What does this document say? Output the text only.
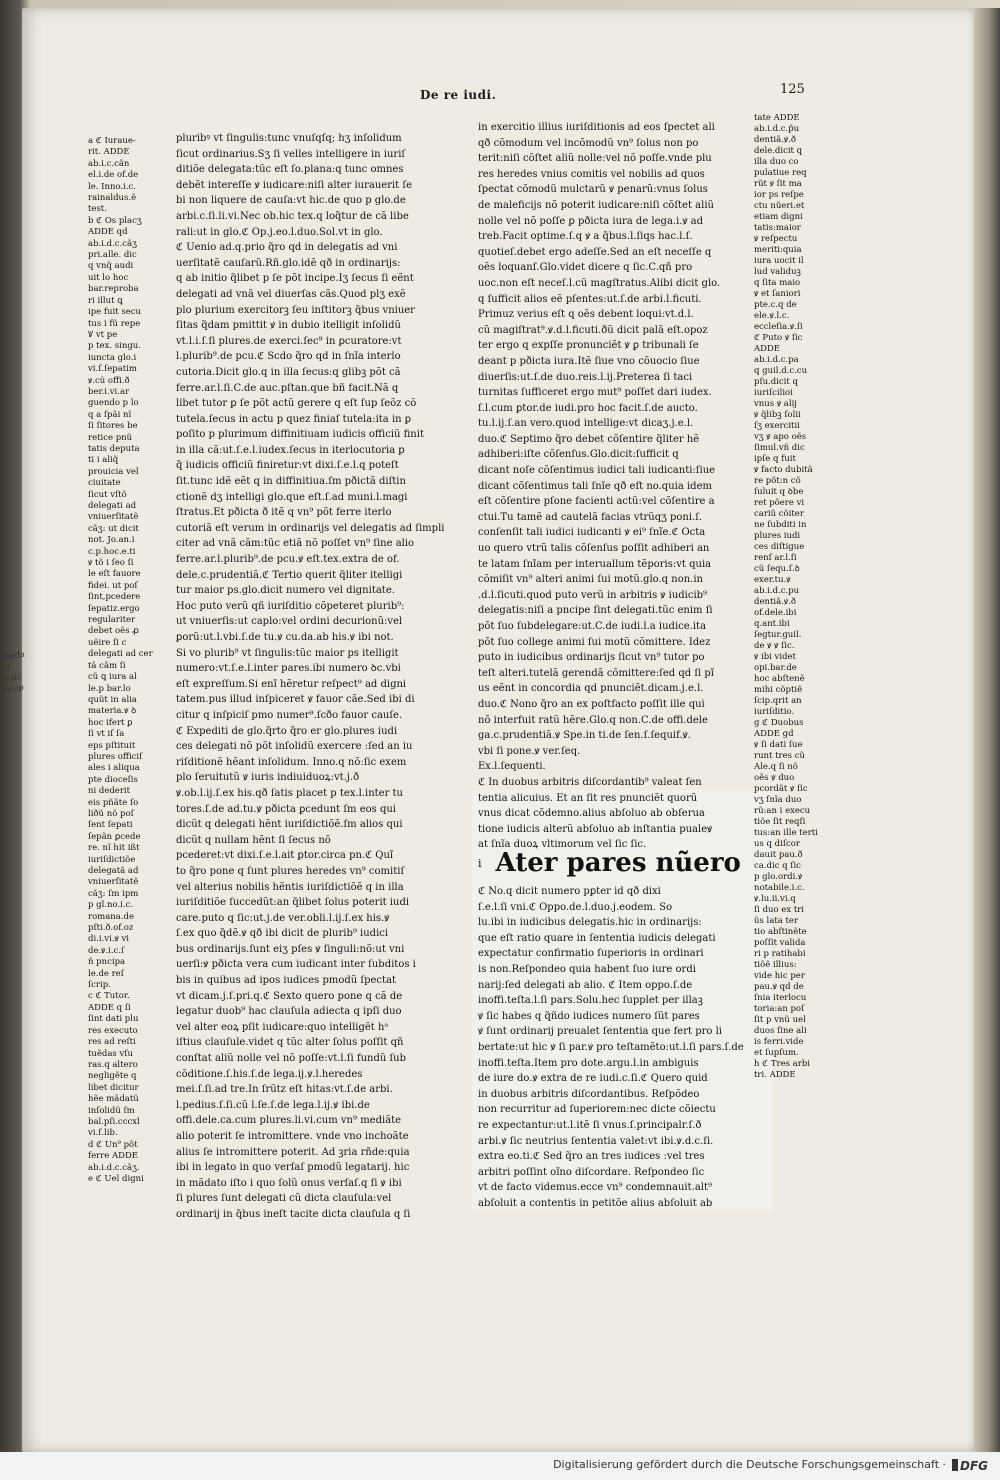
ꝑbeda
ſci
er ſic
accep
De re iudi.	125

a ℭ Iuraue-

rit. ADDE

ab.i.c.cãn

el.i.de of.de

le. Inno.i.c.

rainaldus.ẽ

test.

b ℭ Os placʒ

ADDE qd

ab.i.d.c.cãʒ

pri.alle. dic

q vnq̃ audi

uit lo hoc

bar.reproba

ri illut ꝗ

ipe fuit secu

tus i fũ repe

Ꝟ vt pe

p tex. singu.

iuncta glo.i

vi.ſ.ſepatim

ꝟ.cu̾ offi.ð

ber.i.vi.ar

guendo p lo

q a ſpãi nĩ

ſi ſitores be

retice pnũ

tatis deputa

ti i aliq̃

prouicia vel

ciuitate

ſicut vſtõ

delegati ad

vniuerſitatẽ

cãʒ: ut dicit

not. Jo.an.i

c.p.hoc.e.ti

ꝟ tõ i ſeo ſi

le eſt fauore

fidei. ut poſ

ſint,pcedere

ſepatiz.ergo

regulariter

debet oẽs ꝓ

uẽire ſi c

delegati ad cer

tã cãm ſi

cũ ꝗ iura al

le.p bar.lo

quũt in alia

materia.ꝟ ꝺ

hoc ifert ꝑ

ſi vt iſ ſa

eps pſtituit

plures officiſ

ales i aliqua

pte dioceſis

ni dederit

eis pñãte ſo

liðũ nõ poſ

ſent ſepati

ſepãn ꝑcede

re. nĩ hit ißt

iuriſdictiõe

delegatã ad

vniuerſitatẽ

cãʒ: ſm ipm

p gl.no.i.c.

romana.de

pſti.ð.of.oz

di.i.vi.ꝟ vi

de.ꝟ.i.c.ſ

ñ pncipa

le.de reſ

ſcrip.

c ℭ Tutor.

ADDE q ſi

ſint dati plu

res executo

res ad reſti

tuẽdas vſu

ras.q altero

negligẽte q

libet dicitur

hẽe mãdatũ

inſolidũ ſm

bal.pſi.cccxl

vi.ſ.lib.

d ℭ Un⁹ põt

ferre ADDE

ab.i.d.c.cãʒ.

e ℭ Uel digni

pluribꝰ vt ſingulis:tunc vnuſqſq; hʒ inſolidum

ſicut ordinarius.Sʒ ſi velles intelligere in iuriſ

ditiõe delegata:tũc eſt ſo.plana:q tunc omnes

debẽt intereſſe ꝟ iudicare:niſi alter iurauerit ſe

bi non liquere de cauſa:vt hic.de quo p glo.de

arbi.c.ſi.li.vi.Nec ob.hic tex.q loq̃tur de cã libe

rali:ut in glo.ℭ Op.j.eo.l.duo.Sol.vt in glo.

ℭ Uenio ad.q.prio q̃ro qd in delegatis ad vni

uerſitatẽ cauſarũ.Rñ.glo.idẽ qð in ordinarijs:

q ab initio q̃libet p ſe põt incipe.Iʒ ſecus ſi eẽnt

delegati ad vnã vel diuerſas cãs.Quod plʒ exẽ

plo plurium exercitorꝫ ſeu inſtitorꝫ q̃bus vniuer

ſitas q̃dam pmittit ꝟ in dubio itelligit inſolidũ

vt.l.i.ſ.ſi plures.de exerci.ſec⁹ in ꝑcuratore:vt

l.plurib⁹.de pcu.ℭ Scdo q̃ro qd in ſnĩa interlo

cutoria.Dicit glo.q in illa ſecus:q glibꝫ põt cã

ferre.ar.l.ſi.C.de auc.pſtan.que bñ facit.Nã q

libet tutor ꝑ ſe põt actũ gerere q eſt ſup ſeõz cõ

tutela.ſecus in actu p quez finiaſ tutela:ita in ꝑ

poſito p plurimum diffinitiuam iudicis officiũ finit

in illa cã:ut.ſ.e.l.iudex.ſecus in iterlocutoria ꝑ

q̃ iudicis officiũ finiretur:vt dixi.ſ.e.l.q poteſt

ſit.tunc idẽ eẽt q in diffinitiua.ſm pðictã diſtin

ctionẽ dʒ intelligi glo.que eſt.ſ.ad muni.l.magi

ſtratus.Et pðicta ð itẽ q vn⁹ põt ferre iterlo

cutoriã eſt verum in ordinarijs vel delegatis ad ſimpli

citer ad vnã cãm:tũc etiã nõ poſſet vn⁹ ſine alio

ferre.ar.l.plurib⁹.de pcu.ꝟ eſt.tex.extra de of.

dele.c.prudentiã.ℭ Tertio querit q̃liter itelligi

tur maior ps.glo.dicit numero vel dignitate.

Hoc puto verũ qñ iuriſditio cõpeteret plurib⁹:

ut vniuerſis:ut caplo:vel ordini decurionũ:vel

ꝑorũ:ut.l.vbi.ſ.de tu.ꝟ cu.da.ab his.ꝟ ibi not.

Si vo plurib⁹ vt ſingulis:tũc maior ps itelligit

numero:vt.ſ.e.l.inter pares.ibi numero ꝺc.vbi

eſt expreſſum.Si enĩ hẽretur reſpect⁹ ad digni

tatem.pus illud inſpiceret ꝟ fauor cãe.Sed ibi di

citur q inſpiciſ pmo numer⁹.ſcðo fauor cauſe.

ℭ Expediti de glo.q̃rto q̃ro er glo.plures iudi

ces delegati nõ põt inſolidũ exercere :ſed an iu

riſditionẽ hẽant inſolidum. Inno.q nõ:ſic exem

plo ſeruitutũ ꝟ iuris indiuiduoꝝ:vt.j.ð

ꝟ.ob.l.ij.ſ.ex his.qð ſatis placet p tex.l.inter tu

tores.ſ.de ad.tu.ꝟ pðicta ꝑcedunt ſm eos qui

dicũt q delegati hẽnt iuriſdictiõẽ.ſm alios qui

dicũt q nullam hẽnt ſi ſecus nõ

pcederet:vt dixi.ſ.e.l.ait ꝑtor.circa pn.ℭ Quĩ

to q̃ro pone q ſunt plures heredes vn⁹ comitiſ

vel alterius nobilis hẽntis iuriſdictiõẽ q in illa

iuriſditiõe ſuccedũt:an q̃libet ſolus poterit iudi

care.puto q ſic:ut.j.de ver.obli.l.ij.ſ.ex his.ꝟ

ſ.ex quo q̃dẽ.ꝟ qð ibi dicit de plurib⁹ iudici

bus ordinarijs.ſunt eiʒ pſes ꝟ ſinguli:nõ:ut vni

uerſi:ꝟ pðicta vera cum iudicant inter ſubditos i

bis in quibus ad ipos iudices pmodũ ſpectat

vt dicam.j.ſ.pri.q.ℭ Sexto quero pone q cã de

legatur duob⁹ hac clauſula adiecta q ipſi duo

vel alter eoꝝ pſit iudicare:quo intelligẽt hᵃ

iſtius clauſule.videt q tũc alter ſolus poſſit qñ

conſtat aliũ nolle vel nõ poſſe:vt.l.ſi fundũ ſub

cõditione.ſ.his.ſ.de lega.ij.ꝟ.l.heredes

mei.ſ.ſi.ad tre.In ſrũtz eſt hitas:vt.ſ.de arbi.

l.pedius.ſ.ſi.cũ l.ſe.ſ.de lega.l.ij.ꝟ ibi.de

offi.dele.ca.cum plures.li.vi.cum vn⁹ mediãte

alio poterit ſe intromittere. vnde vno inchoãte

alius ſe intromittere poterit. Ad ꝫria rñde:quia

ibi in legato in quo verſaſ pmodũ legatarij. hic

in mãdato iſto i quo ſolũ onus verſaſ.q ſi ꝟ ibi

ſi plures ſunt delegati cũ dicta clauſula:vel

ordinarij in q̃bus ineſt tacite dicta clauſula q ſi

in exercitio illius iuriſditionis ad eos ſpectet ali

qð cõmodum vel incõmodũ vn⁹ ſolus non po

terit:niſi cõſtet aliũ nolle:vel nõ poſſe.vnde plu

res heredes vnius comitis vel nobilis ad quos

ſpectat cõmodũ mulctarũ ꝟ penarũ:vnus ſolus

de maleficijs nõ poterit iudicare:niſi cõſtet aliũ

nolle vel nõ poſſe ꝑ pðicta iura de lega.i.ꝟ ad

treb.Facit optime.ſ.q ꝟ a q̃bus.l.ſiqs hac.l.ſ.

quotieſ.debet ergo adeſſe.Sed an eſt neceſſe q

oẽs loquanſ.Glo.videt dicere q ſic.C.qñ pro

uoc.non eſt neceſ.l.cũ magſtratus.Alibi dicit glo.

q ſufficit alios eẽ pſentes:ut.ſ.de arbi.l.ficuti.

Primuz verius eſt q oẽs debent loqui:vt.d.l.

cũ magiſtrat⁹.ꝟ.d.l.ficuti.ðũ dicit palã eſt.opoz

ter ergo q expſſe pronunciẽt ꝟ ꝑ tribunali ſe

deant p pðicta iura.Itẽ ſiue vno cõuocio ſiue

diuerſis:ut.ſ.de duo.reis.l.ij.Preterea ſi taci

turnitas ſufficeret ergo mut⁹ poſſet dari iudex.

ſ.l.cum ꝑtor.de iudi.pro hoc facit.ſ.de aucto.

tu.l.ij.ſ.an vero.quod intellige:vt dicaʒ.j.e.l.

duo.ℭ Septimo q̃ro debet cõſentire q̃liter hẽ

adhiberi:iſte cõſenſus.Glo.dicit:ſufficit q

dicant noſe cõſentimus iudici tali iudicanti:ſiue

dicant cõſentimus tali ſnĩe qð eſt no.quia idem

eſt cõſentire pſone facienti actũ:vel cõſentire a

ctui.Tu tamẽ ad cautelã facias vtrũqʒ poni.ſ.

conſenſit tali iudici iudicanti ꝟ ei⁹ ſnĩe.ℭ Octa

uo quero vtrũ talis cõſenſus poſſit adhiberi an

te latam ſnĩam per interuallum tẽporis:vt quia

cõmiſit vn⁹ alteri animi ſui motũ.glo.q non.in

.d.l.ſicuti.quod puto verũ in arbitris ꝟ iudicib⁹

delegatis:niſi a pncipe ſint delegati.tũc enim ſi

põt ſuo ſubdelegare:ut.C.de iudi.l.a iudice.ita

põt ſuo college animi ſui motũ cõmittere. Idez

puto in iudicibus ordinarijs ſicut vn⁹ tutor po

teſt alteri.tutelã gerendã cõmittere:ſed qd ſi pĩ

us eẽnt in concordia qd pnunciẽt.dicam.j.e.l.

duo.ℭ Nono q̃ro an ex poſtfacto poſſit ille qui

nõ interfuit ratũ hẽre.Glo.q non.C.de offi.dele

ga.c.prudentiã.ꝟ Spe.in ti.de ſen.ſ.ſequif.ꝟ.

vbi ſi pone.ꝟ ver.ſeq.

Ex.l.ſequenti.

ℭ In duobus arbitris diſcordantib⁹ valeat ſen

tentia alicuius. Et an ſit res pnunciẽt quorũ

vnus dicat cõdemno.alius abſoluo ab obſerua

tione iudicis alterũ abſoluo ab inſtantia pualeꝟ

at ſnĩa duoꝝ vltimorum vel ſic ſic.

i Ater pares nũero

ℭ No.q dicit numero pꝑter id qð dixi

ſ.e.l.ſi vni.ℭ Oppo.de.l.duo.j.eodem. So

lu.ibi in iudicibus delegatis.hic in ordinarijs:

que eſt ratio quare in ſententia iudicis delegati

expectatur confirmatio ſuperioris in ordinari

is non.Reſpondeo quia habent ſuo iure ordi

narij:ſed delegati ab alio. ℭ Item oppo.ſ.de

inoffi.teſta.l.ſi pars.Solu.hec ſupplet per illaꝫ

ꝟ ſic habes q q̃ñdo iudices numero ſũt pares

ꝟ ſunt ordinarij preualet ſententia que fert pro li

bertate:ut hic ꝟ ſi par.ꝟ pro teſtamẽto:ut.l.ſi pars.ſ.de

inoffi.teſta.Item pro dote.argu.l.in ambiguis

de iure do.ꝟ extra de re iudi.c.ſi.ℭ Quero quid

in duobus arbitris diſcordantibus. Reſpõdeo

non recurritur ad ſuperiorem:nec dicte cõiectu

re expectantur:ut.l.itẽ ſi vnus.ſ.principalr.ſ.ð

arbi.ꝟ ſic neutrius ſententia valet:vt ibi.ꝟ.d.c.ſi.

extra eo.ti.ℭ Sed q̃ro an tres iudices :vel tres

arbitri poſſint oĩno diſcordare. Reſpondeo ſic

vt de facto videmus.ecce vn⁹ condemnauit.alt⁹

abſoluit a contentis in petitõe alius abſoluit ab

tate ADDE

ab.i.d.c.p̃u

dentiã.ꝟ.ð

dele.dicit q

illa duo co

pulatiue req

rũt ꝟ ſit ma

ior ps reſpe

ctu nũeri.et

etiam digni

tatis:maior

ꝟ reſpectu

meriti:quia

iura uocit il

lud validuꝫ

q ſita maio

ꝟ et ſaniori

pte.c.q de

ele.ꝟ.l.c.

eccleſia.ꝟ.ſi

ℭ Puto ꝟ ſic

ADDE

ab.i.d.c.pa

q guil.d.c.cu

pſu.dicit q

iuriſcilioi

vnus ꝟ alij

ꝟ q̃libꝫ ſolii

ſʒ exercitii

vʒ ꝟ apo oẽs

ſimul.vñ dic

ipſe q fuit

ꝟ facto dubitã

re põt:n cõ

ſuluit q ꝺbe

ret põere vi

cariũ cõiter

ne ſubditi in

plures iudi

ces diſtigue

renſ ar.l.ſi

cũ ſequ.ſ.ꝺ

exer.tu.ꝟ

ab.i.d.c.pu

dentiã.ꝟ.ð

of.dele.ibi

q.ant.ibi

ſegtur.guil.

de ꝟ ꝟ ſic.

ꝟ ibi videt

opi.bar.de

hoc abſtenẽ

mihi cõptiẽ

ſcip.qrit an

iuriſditio.

g ℭ Duobus

ADDE gd

ꝟ ſi dati ſue

runt tres cũ

Ale.q ſi nõ

oẽs ꝟ duo

pcordãt ꝟ ſic

vʒ ſnĩa duo

rũ:an i execu

tiõe ſit reqſi

tus:an ille terti

us q diſcor

dauit pau.ð

ca.dic q ſic

p glo.ordi.ꝟ

notabile.i.c.

ꝟ.lu.ii.vi.q

ſi duo ex tri

ũs lata ter

tio abſtinẽte

poſſit valida

ri p ratihabi

tiõẽ illius:

vide hic per

pau.ꝟ qd de

ſnia iterlocu

toria:an poſ

ſit p vnũ uel

duos ſine ali

is ferri.vide

et ſupſum.

h ℭ Tres arbi

tri. ADDE

Digitalisierung gefördert durch die Deutsche Forschungsgemeinschaft · DFG
